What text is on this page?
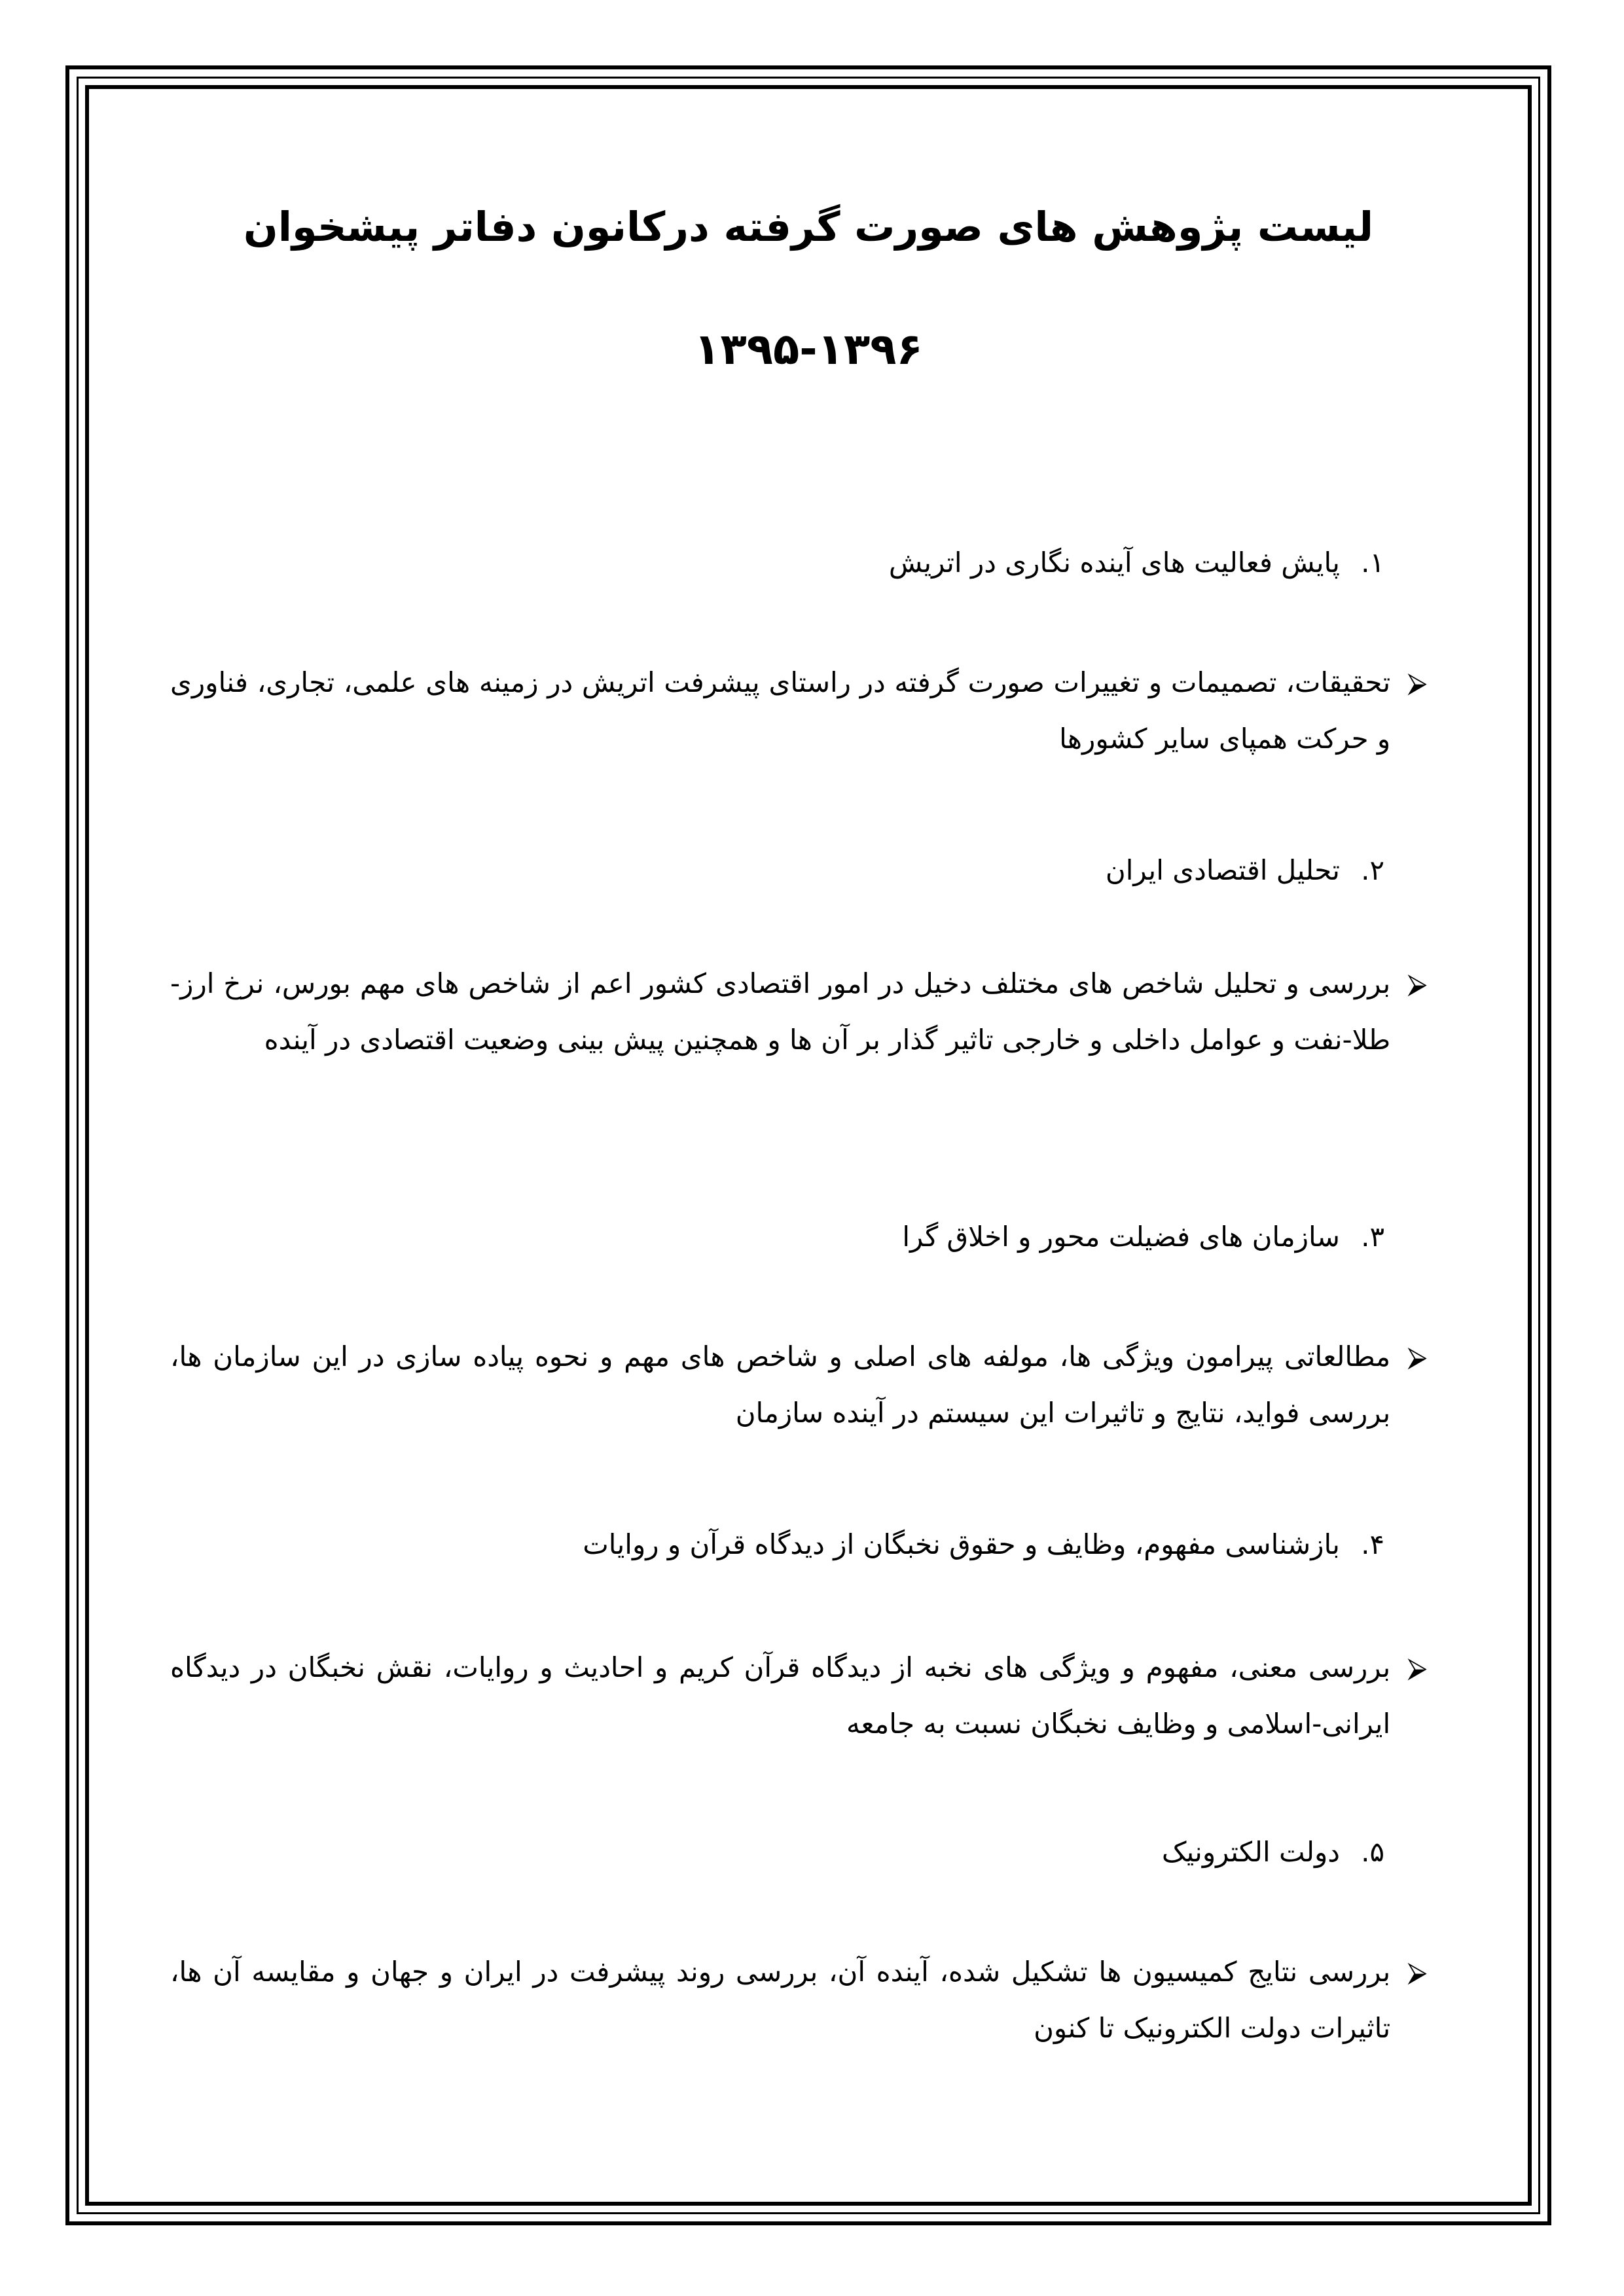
لیست پژوهش های صورت گرفته درکانون دفاتر پیشخوان
۱۳۹۵-۱۳۹۶
۱.
پایش فعالیت های آینده نگاری در اتریش
⮚
تحقیقات، تصمیمات و تغییرات صورت گرفته در راستای پیشرفت اتریش در زمینه های علمی، تجاری، فناوری و حرکت همپای سایر کشورها
۲.
تحلیل اقتصادی ایران
⮚
بررسی و تحلیل شاخص های مختلف دخیل در امور اقتصادی کشور اعم از شاخص های مهم بورس، نرخ ارز-طلا-نفت و عوامل داخلی و خارجی تاثیر گذار بر آن ها و همچنین پیش بینی وضعیت اقتصادی در آینده
۳.
سازمان های فضیلت محور و اخلاق گرا
⮚
مطالعاتی پیرامون ویژگی ها، مولفه های اصلی و شاخص های مهم و نحوه پیاده سازی در این سازمان ها، بررسی فواید، نتایج و تاثیرات این سیستم در آینده سازمان
۴.
بازشناسی مفهوم، وظایف و حقوق نخبگان از دیدگاه قرآن و روایات
⮚
بررسی معنی، مفهوم و ویژگی های نخبه از دیدگاه قرآن کریم و احادیث و روایات، نقش نخبگان در دیدگاه ایرانی-اسلامی و وظایف نخبگان نسبت به جامعه
۵.
دولت الکترونیک
⮚
بررسی نتایج کمیسیون ها تشکیل شده، آینده آن، بررسی روند پیشرفت در ایران و جهان و مقایسه آن ها، تاثیرات دولت الکترونیک تا کنون
